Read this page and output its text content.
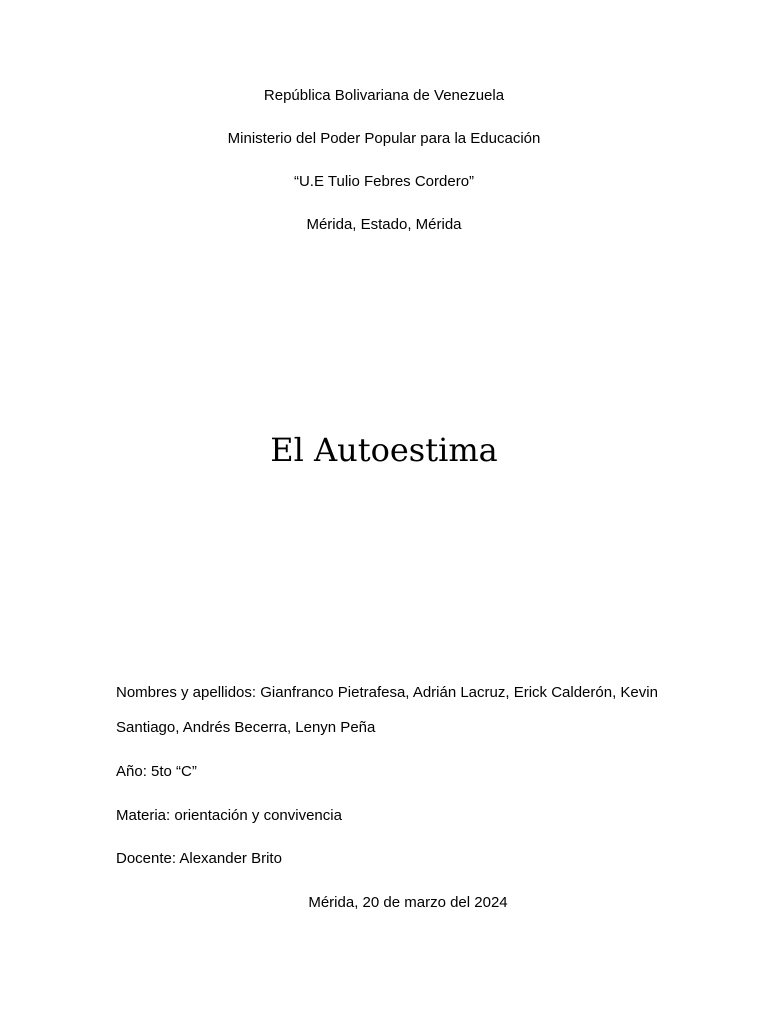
República Bolivariana de Venezuela
Ministerio del Poder Popular para la Educación
“U.E Tulio Febres Cordero”
Mérida, Estado, Mérida
El Autoestima
Nombres y apellidos: Gianfranco Pietrafesa, Adrián Lacruz, Erick Calderón, Kevin
Santiago, Andrés Becerra, Lenyn Peña
Año: 5to “C”
Materia: orientación y convivencia
Docente: Alexander Brito
Mérida, 20 de marzo del 2024
